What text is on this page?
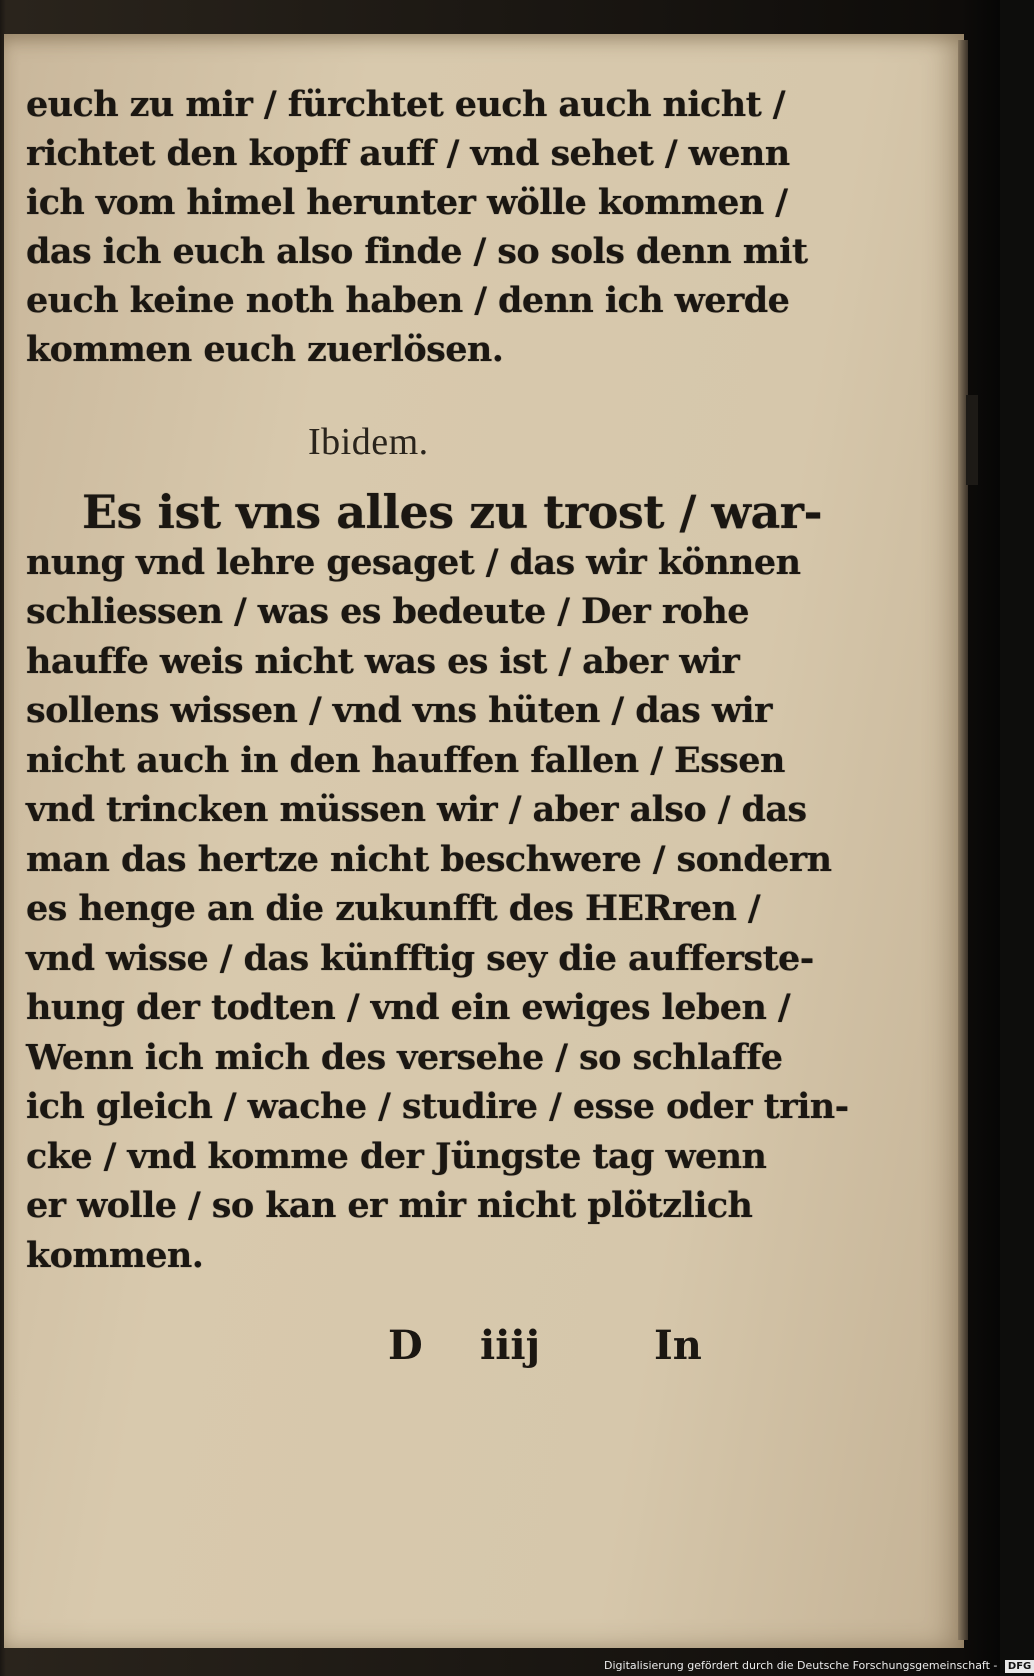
euch zu mir / fürchtet euch auch nicht /
richtet den kopff auff / vnd sehet / wenn
ich vom himel herunter wölle kommen /
das ich euch also finde / so sols denn mit
euch keine noth haben / denn ich werde
kommen euch zuerlösen.
Ibidem.
Es ist vns alles zu trost / war-
nung vnd lehre gesaget / das wir können
schliessen / was es bedeute / Der rohe
hauffe weis nicht was es ist / aber wir
sollens wissen / vnd vns hüten / das wir
nicht auch in den hauffen fallen / Essen
vnd trincken müssen wir / aber also / das
man das hertze nicht beschwere / sondern
es henge an die zukunfft des HERren /
vnd wisse / das künfftig sey die aufferste-
hung der todten / vnd ein ewiges leben /
Wenn ich mich des versehe / so schlaffe
ich gleich / wache / studire / esse oder trin-
cke / vnd komme der Jüngste tag wenn
er wolle / so kan er mir nicht plötzlich
kommen.
D iiij	In
Digitalisierung gefördert durch die Deutsche Forschungsgemeinschaft - DFG
